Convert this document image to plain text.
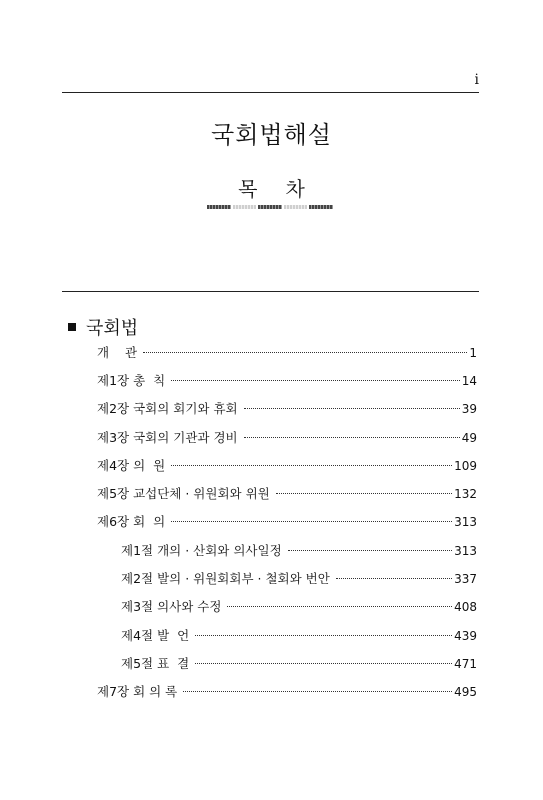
i
국회법해설
목 차
국회법
개    관	1
제1장 총  칙	14
제2장 국회의 회기와 휴회	39
제3장 국회의 기관과 경비	49
제4장 의  원	109
제5장 교섭단체 · 위원회와 위원	132
제6장 회  의	313
제1절 개의 · 산회와 의사일정	313
제2절 발의 · 위원회회부 · 철회와 번안	337
제3절 의사와 수정	408
제4절 발  언	439
제5절 표  결	471
제7장 회 의 록	495
